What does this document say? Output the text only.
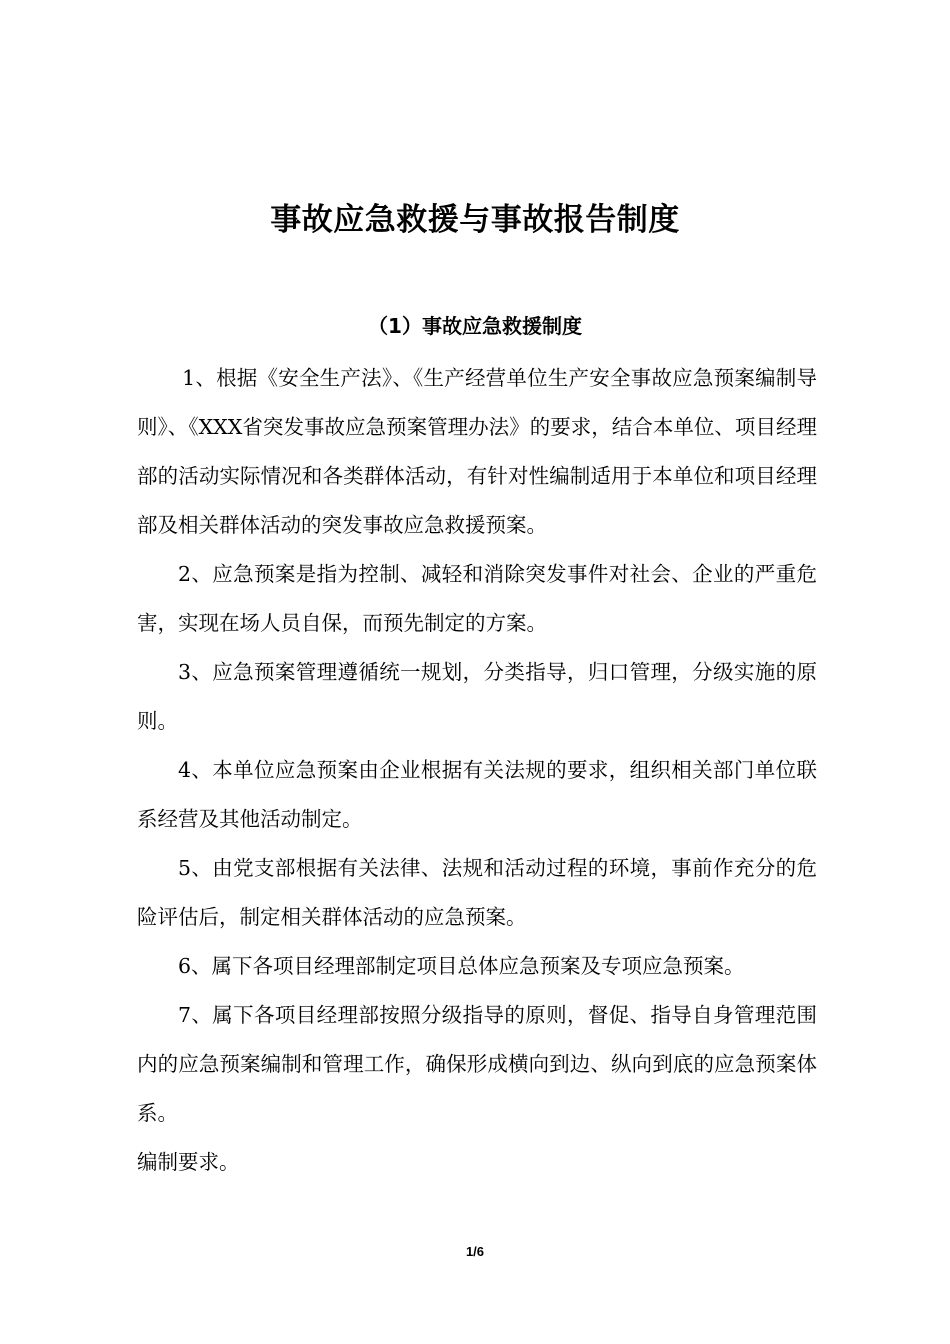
事故应急救援与事故报告制度
（1）事故应急救援制度

1、根据《安全生产法》、《生产经营单位生产安全事故应急预案编制导则》、《XXX省突发事故应急预案管理办法》的要求，结合本单位、项目经理部的活动实际情况和各类群体活动，有针对性编制适用于本单位和项目经理部及相关群体活动的突发事故应急救援预案。

2、应急预案是指为控制、减轻和消除突发事件对社会、企业的严重危害，实现在场人员自保，而预先制定的方案。

3、应急预案管理遵循统一规划，分类指导，归口管理，分级实施的原则。

4、本单位应急预案由企业根据有关法规的要求，组织相关部门单位联系经营及其他活动制定。

5、由党支部根据有关法律、法规和活动过程的环境，事前作充分的危险评估后，制定相关群体活动的应急预案。

6、属下各项目经理部制定项目总体应急预案及专项应急预案。

7、属下各项目经理部按照分级指导的原则，督促、指导自身管理范围内的应急预案编制和管理工作，确保形成横向到边、纵向到底的应急预案体系。

编制要求。

1/6
